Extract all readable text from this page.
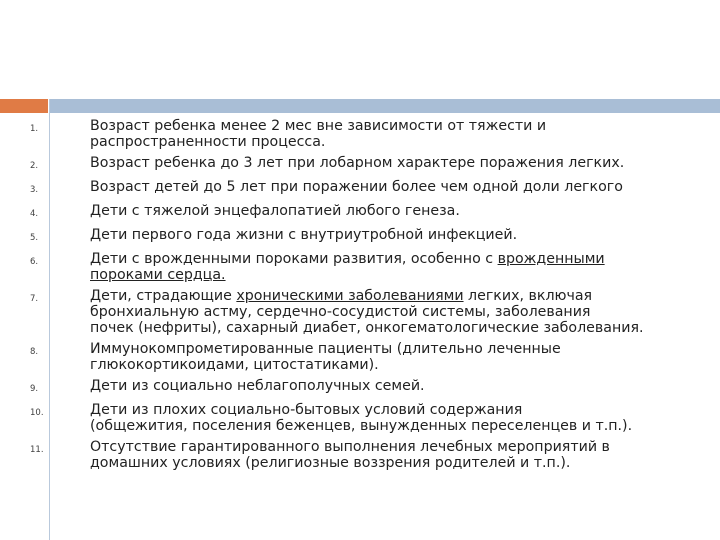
1.	Возраст ребенка менее 2 мес вне зависимости от тяжести и
распространенности процесса.
2.	Возраст ребенка до 3 лет при лобарном характере поражения легких.
3.	Возраст детей до 5 лет при поражении более чем одной доли легкого
4.	Дети с тяжелой энцефалопатией любого генеза.
5.	Дети первого года жизни с внутриутробной инфекцией.
6.	Дети с врожденными пороками развития, особенно с врожденными
пороками сердца.
7.	Дети, страдающие хроническими заболеваниями легких, включая
бронхиальную астму, сердечно-сосудистой системы, заболевания
почек (нефриты), сахарный диабет, онкогематологические заболевания.
8.	Иммунокомпрометированные пациенты (длительно леченные
глюкокортикоидами, цитостатиками).
9.	Дети из социально неблагополучных семей.
10.	Дети из плохих социально-бытовых условий содержания
(общежития, поселения беженцев, вынужденных переселенцев и т.п.).
11.	Отсутствие гарантированного выполнения лечебных мероприятий в
домашних условиях (религиозные воззрения родителей и т.п.).
